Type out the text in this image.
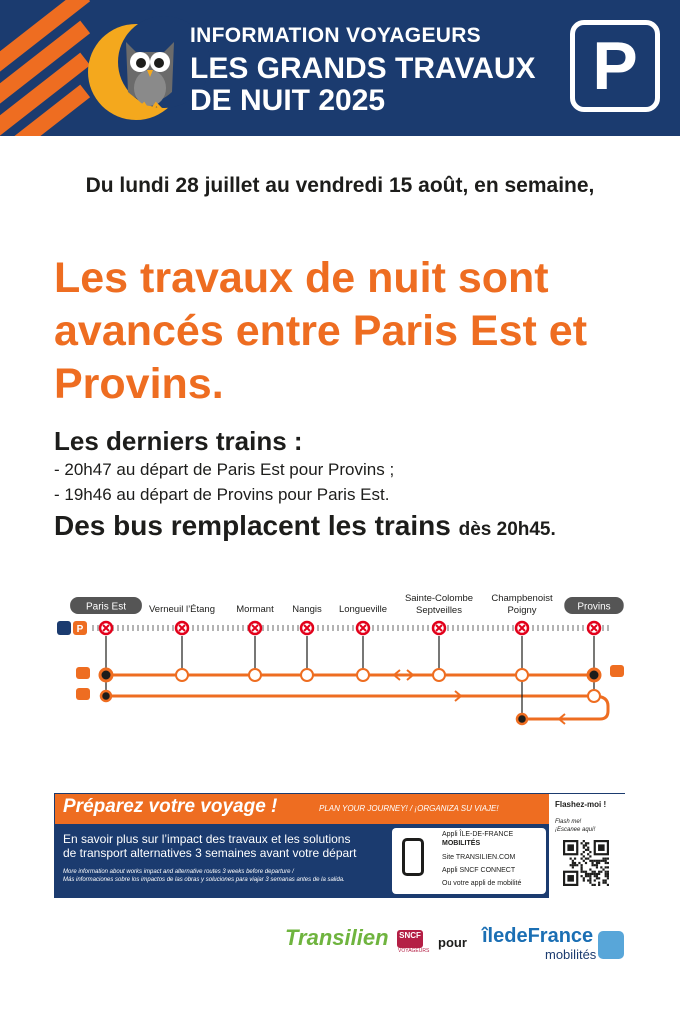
INFORMATION VOYAGEURS
LES GRANDS TRAVAUX
DE NUIT 2025	P
Du lundi 28 juillet au vendredi 15 août, en semaine,
Les travaux de nuit sont avancés entre Paris Est et Provins.
Les derniers trains :
- 20h47 au départ de Paris Est pour Provins ;
- 19h46 au départ de Provins pour Paris Est.
Des bus remplacent les trains dès 20h45.
P
Paris Est Verneuil l’Étang Mormant Nangis Longueville
Sainte-Colombe
Septveilles
Champbenoist
Poigny	Provins
Préparez votre voyage !	PLAN YOUR JOURNEY! / ¡ORGANIZA SU VIAJE!
En savoir plus sur l’impact des travaux et les solutions
de transport alternatives 3 semaines avant votre départ
More information about works impact and alternative routes 3 weeks before departure /
Más informaciones sobre los impactos de las obras y soluciones para viajar 3 semanas antes de la salida.
Appli ÎLE-DE-FRANCE
MOBILITÉS
Site TRANSILIEN.COM
Appli SNCF CONNECT
Ou votre appli de mobilité
Flashez-moi !
Flash me!
¡Escanee aquí!
Transilien SNCF
VOYAGEURS
pour îledeFrance
mobilités
